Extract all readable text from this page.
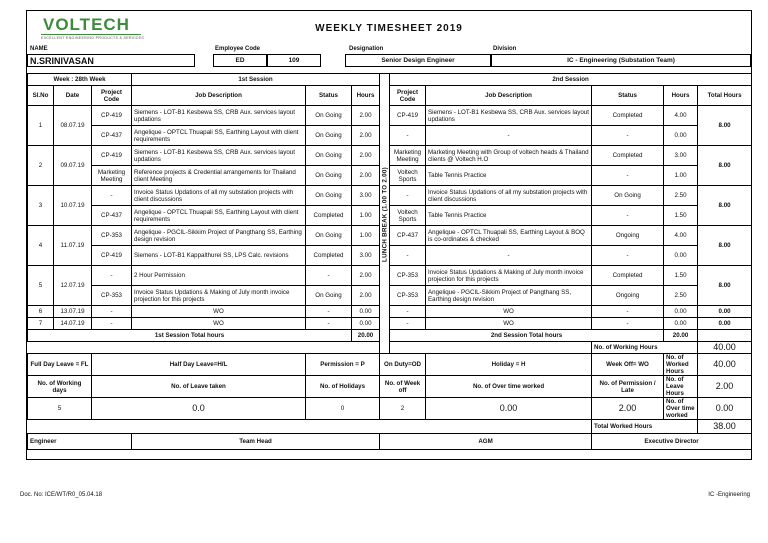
VOLTECH
EXCELLENT ENGINEERING PRODUCTS & SERVICES
WEEKLY TIMESHEET 2019
NAME
N.SRINIVASAN
Employee Code
ED	109
Designation
Senior Design Engineer
Division
IC - Engineering (Substation Team)
Week : 28th Week			1st Session			LUNCH BREAK (1.00 TO 2.00)	2nd Session				
Sl.No	Date	Project Code	Job Description	Status	Hours		Project Code	Job Description	Status	Hours	Total Hours
1	08.07.19	CP-419	Siemens - LOT-B1 Kesbewa SS, CRB Aux. services layout updations	On Going	2.00		CP-419	Siemens - LOT-B1 Kesbewa SS, CRB Aux. services layout updations	Completed	4.00	8.00
		CP-437	Angelique - OPTCL Thuapali SS, Earthing Layout with client requirements	On Going	2.00		-	-	-	0.00	
2	09.07.19	CP-419	Siemens - LOT-B1 Kesbewa SS, CRB Aux. services layout updations	On Going	2.00		Marketing Meeting	Marketing Meeting with Group of voltech heads & Thailand clients @ Voltech H.O	Completed	3.00	8.00
		Marketing Meeting	Reference projects & Credential arrangements for Thailand client Meeting	On Going	2.00		Voltech Sports	Table Tennis Practice	-	1.00	
3	10.07.19	-	Invoice Status Updations of all my substation projects with client discussions	On Going	3.00		-	Invoice Status Updations of all my substation projects with client discussions	On Going	2.50	8.00
		CP-437	Angelique - OPTCL Thuapali SS, Earthing Layout with client requirements	Completed	1.00		Voltech Sports	Table Tennis Practice	-	1.50	
4	11.07.19	CP-353	Angelique - PGCIL-Sikkim Project of Pangthang SS, Earthing design revision	On Going	1.00		CP-437	Angelique - OPTCL Thuapali SS, Earthing Layout & BOQ is co-ordinates & checked	Ongoing	4.00	8.00
		CP-419	Siemens - LOT-B1 Kappalthurei SS, LPS Calc. revisions	Completed	3.00		-	-	-	0.00	
5	12.07.19	-	2 Hour Permission	-	2.00		CP-353	Invoice Status Updations & Making of July month invoice projection for this projects	Completed	1.50	8.00
		CP-353	Invoice Status Updations & Making of July month invoice projection for this projects	On Going	2.00		CP-353	Angelique - PGCIL-Sikkim Project of Pangthang SS, Earthing design revision	Ongoing	2.50	
6	13.07.19	-	WO	-	0.00		-	WO	-	0.00	0.00
7	14.07.19	-	WO	-	0.00		-	WO	-	0.00	0.00
1st Session Total hours					20.00		2nd Session Total hours			20.00	
									No. of Working Hours		40.00
Full Day Leave = FL		Half Day Leave=H/L		Permission = P		On Duty=OD		Holiday = H	Week Off= WO	No. of Worked Hours	40.00
No. of Working days		No. of Leave taken		No. of Holidays		No. of Week off		No. of Over time worked	No. of Permission / Late	No. of Leave Hours	2.00
5		0.0		0		2		0.00	2.00	No. of Over time worked	0.00
									Total Worked Hours		38.00
Engineer			Team Head			AGM			Executive Director		
Doc. No: ICE/WT/R0_05.04.18	IC -Engineering
